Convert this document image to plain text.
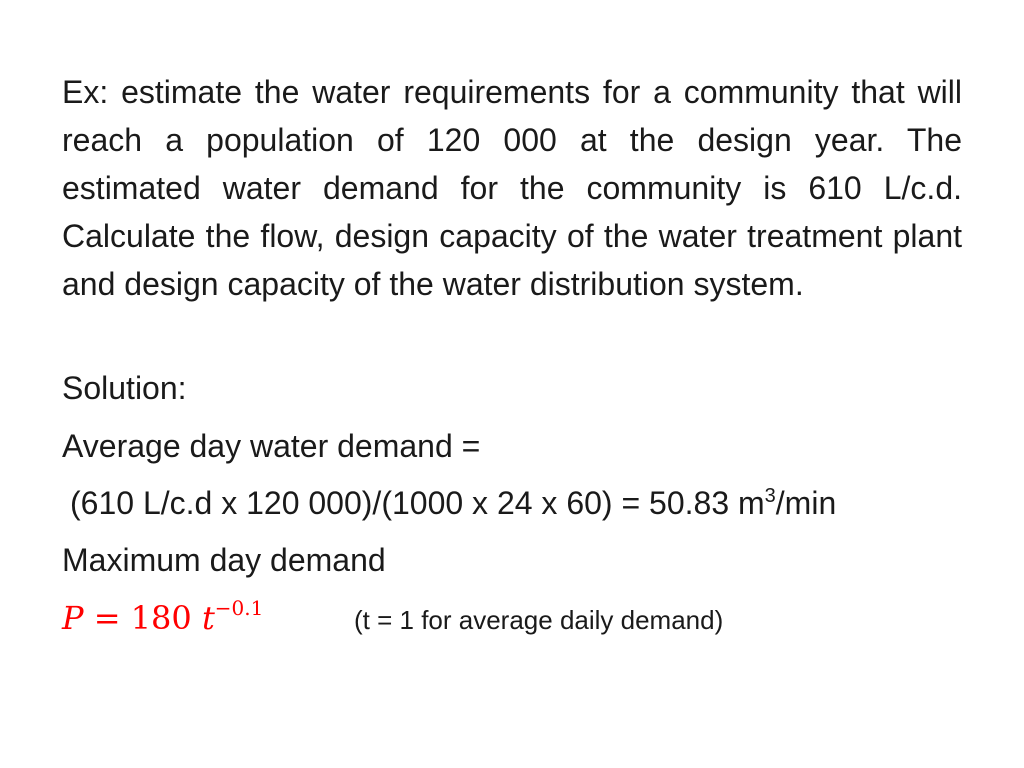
Ex: estimate the water requirements for a community that will reach a population of 120 000 at the design year. The estimated water demand for the community is 610 L/c.d. Calculate the flow, design capacity of the water treatment plant and design capacity of the water distribution system.

Solution:

Average day water demand =

(610 L/c.d x 120 000)/(1000 x 24 x 60) = 50.83 $m^3/\min$

Maximum day demand

P = 180 $t^{-0.1}$	(t = 1 for average daily demand)
